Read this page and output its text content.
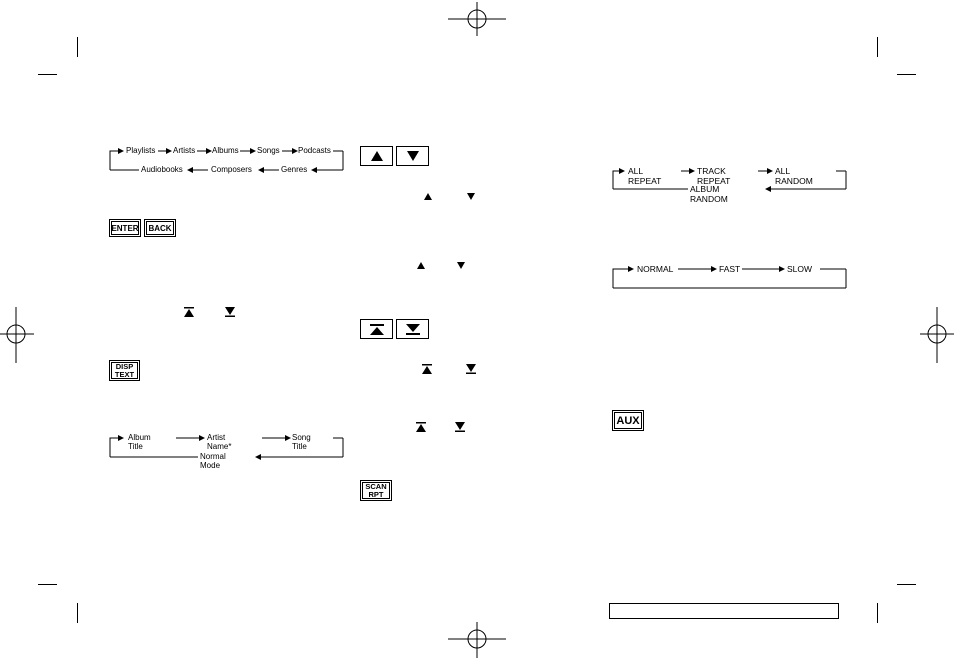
Playlists Artists Albums Songs Podcasts
Audiobooks	Composers	Genres
ENTER BACK
DISP
TEXT
Album Title
Artist Name*
Song Title
Normal Mode
SCAN
RPT
ALL REPEAT
TRACK REPEAT
ALL RANDOM
ALBUM RANDOM
NORMAL	FAST	SLOW
AUX
